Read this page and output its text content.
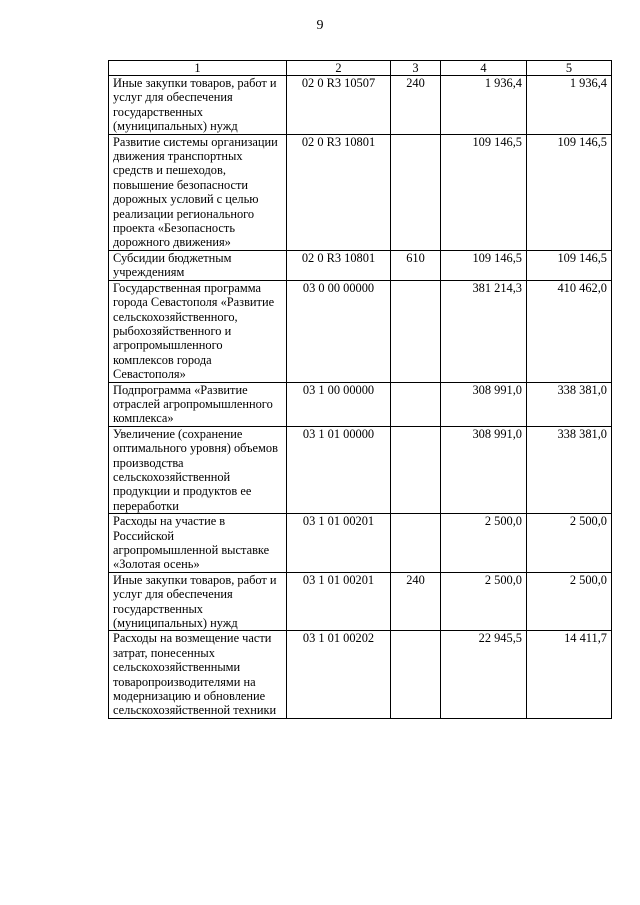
9
1	2	3	4	5
Иные закупки товаров, работ и услуг для обеспечения государственных (муниципальных) нужд	02 0 R3 10507	240	1 936,4	1 936,4
Развитие системы организации движения транспортных средств и пешеходов, повышение безопасности дорожных условий с целью реализации регионального проекта «Безопасность дорожного движения»	02 0 R3 10801		109 146,5	109 146,5
Субсидии бюджетным учреждениям	02 0 R3 10801	610	109 146,5	109 146,5
Государственная программа города Севастополя «Развитие сельскохозяйственного, рыбохозяйственного и агропромышленного комплексов города Севастополя»	03 0 00 00000		381 214,3	410 462,0
Подпрограмма «Развитие отраслей агропромышленного комплекса»	03 1 00 00000		308 991,0	338 381,0
Увеличение (сохранение оптимального уровня) объемов производства сельскохозяйственной продукции и продуктов ее переработки	03 1 01 00000		308 991,0	338 381,0
Расходы на участие в Российской агропромышленной выставке «Золотая осень»	03 1 01 00201		2 500,0	2 500,0
Иные закупки товаров, работ и услуг для обеспечения государственных (муниципальных) нужд	03 1 01 00201	240	2 500,0	2 500,0
Расходы на возмещение части затрат, понесенных сельскохозяйственными товаропроизводителями на модернизацию и обновление сельскохозяйственной техники	03 1 01 00202		22 945,5	14 411,7
